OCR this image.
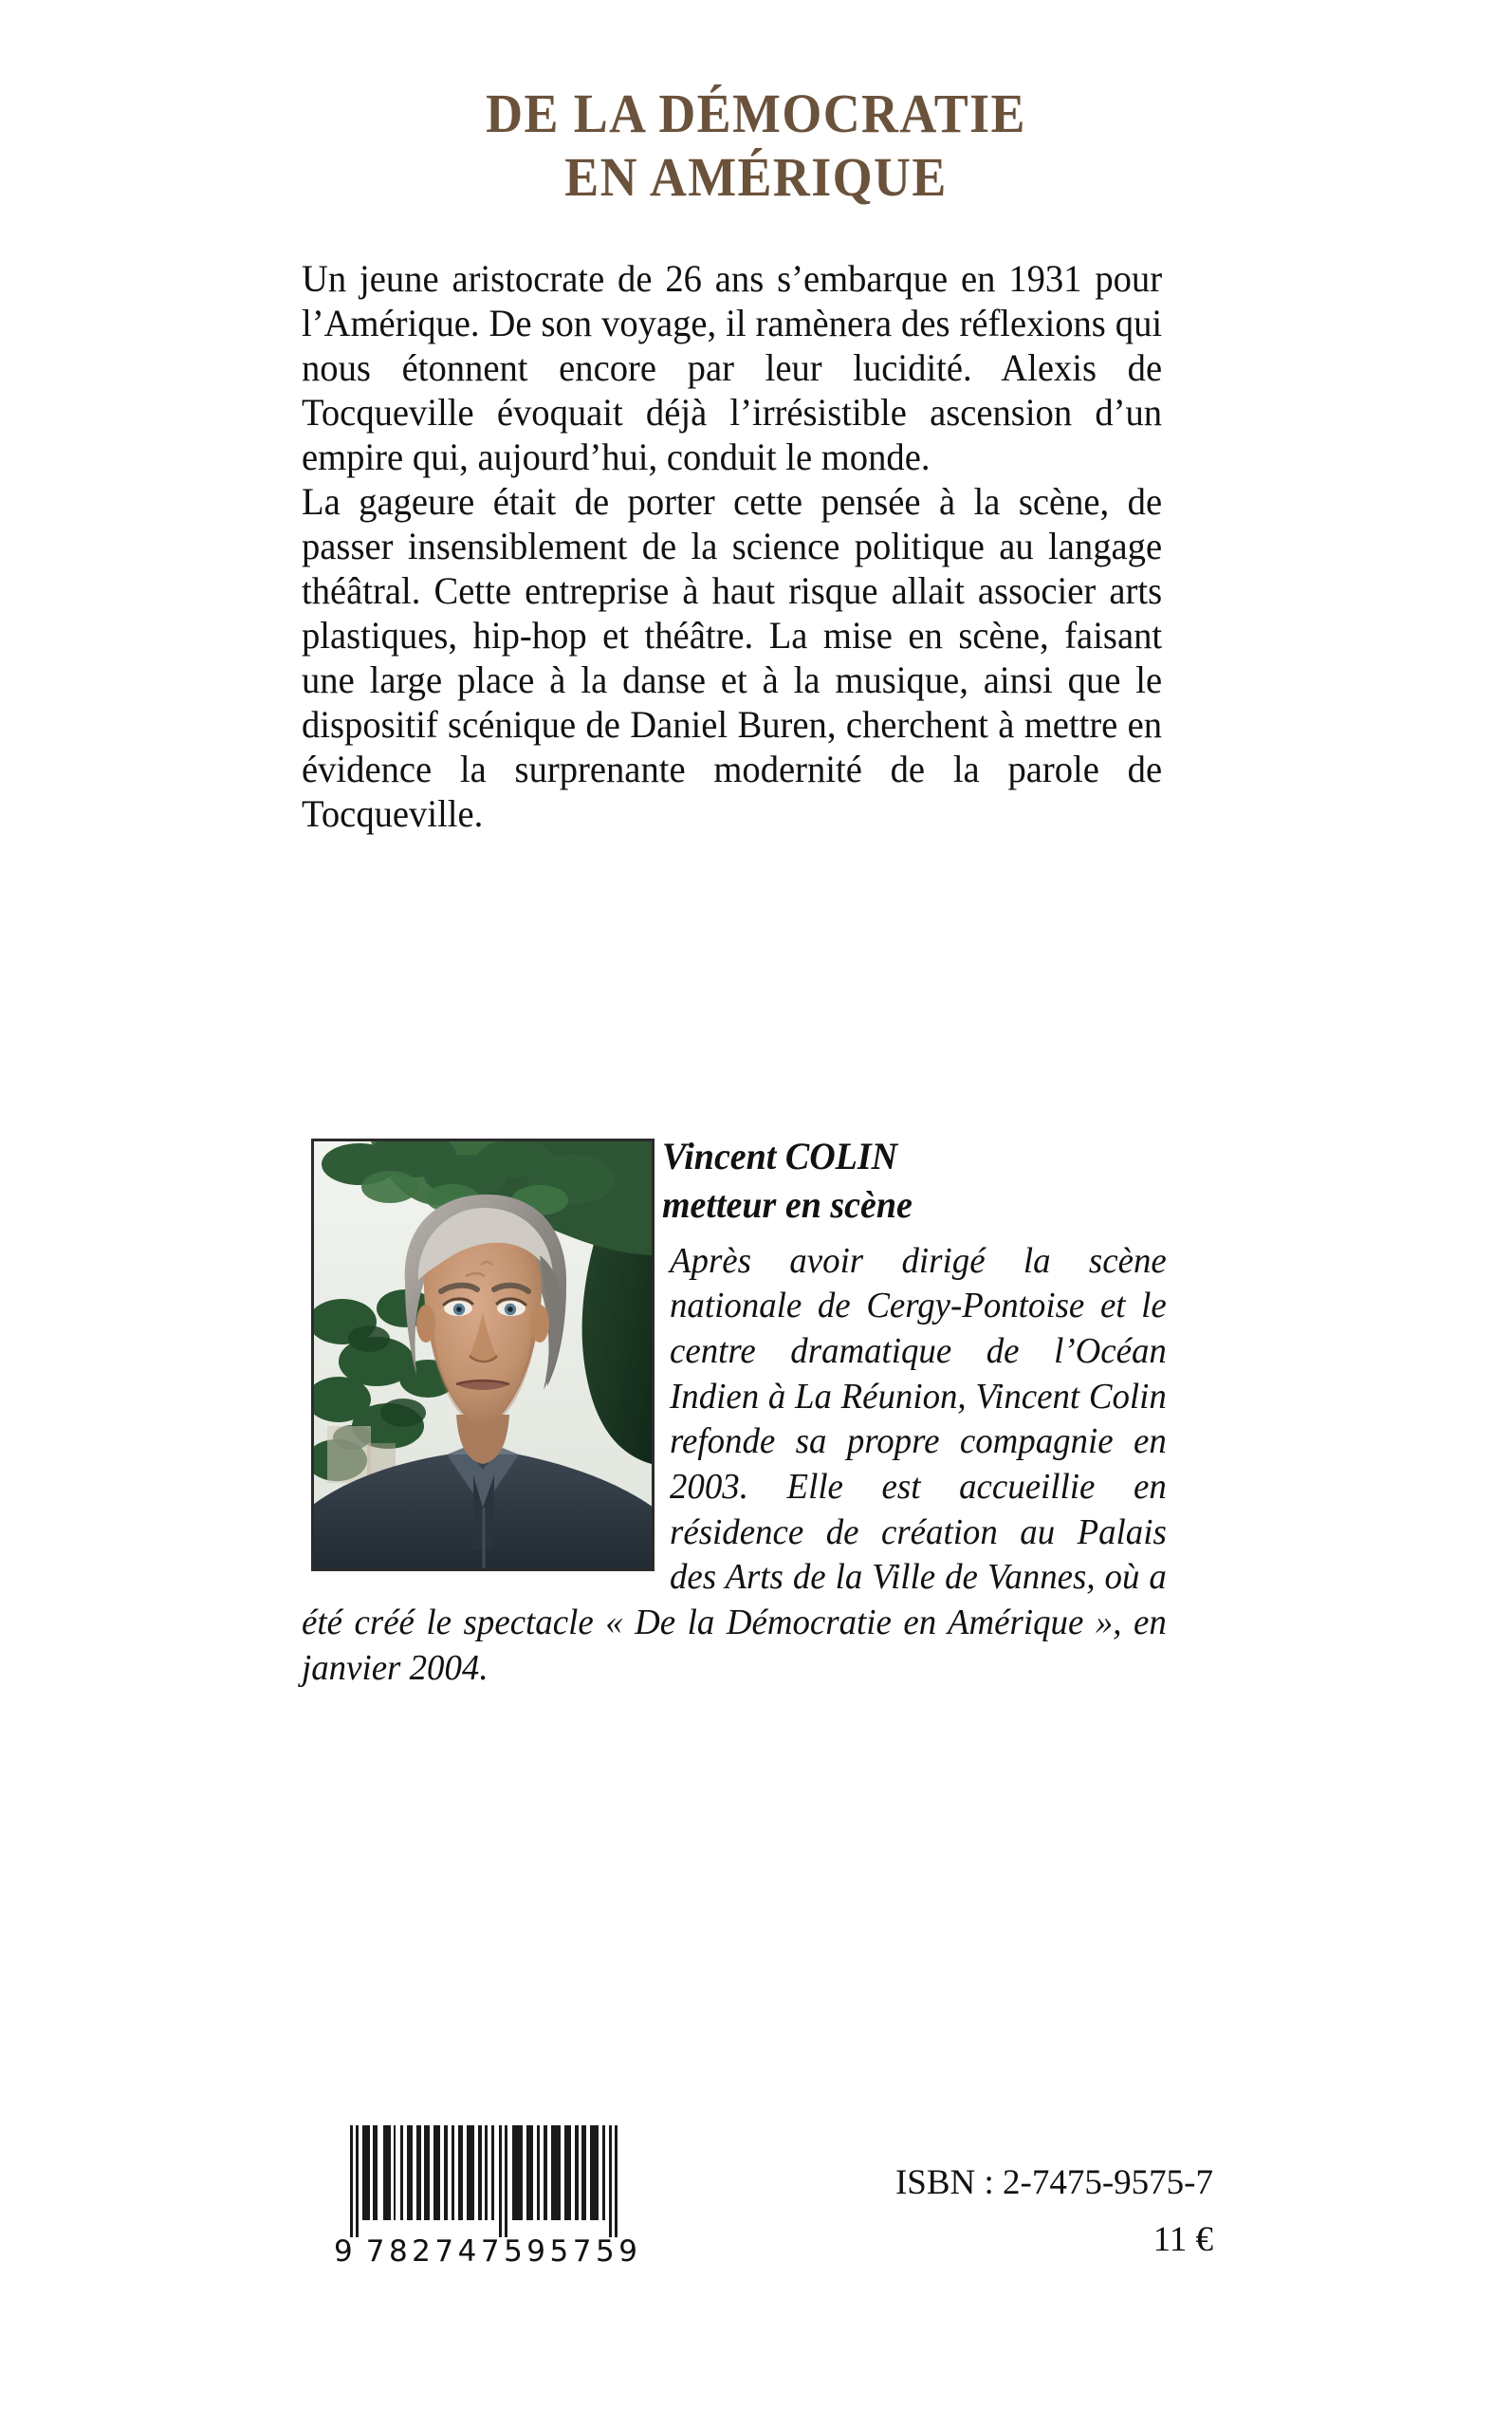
DE LA DÉMOCRATIE
EN AMÉRIQUE

Un jeune aristocrate de 26 ans s’embarque en 1931 pour l’Amérique. De son voyage, il ramènera des réflexions qui nous étonnent encore par leur lucidité. Alexis de Tocqueville évoquait déjà l’irrésistible ascension d’un empire qui, aujourd’hui, conduit le monde.

La gageure était de porter cette pensée à la scène, de passer insensiblement de la science politique au langage théâtral. Cette entreprise à haut risque allait associer arts plastiques, hip-hop et théâtre. La mise en scène, faisant une large place à la danse et à la musique, ainsi que le dispositif scénique de Daniel Buren, cherchent à mettre en évidence la surprenante modernité de la parole de Tocqueville.

Vincent COLIN
metteur en scène
Après avoir dirigé la scène nationale de Cergy-Pontoise et le centre dramatique de l’Océan Indien à La Réunion, Vincent Colin refonde sa propre compagnie en 2003. Elle est accueillie en résidence de création au Palais des Arts de la Ville de Vannes, où a été créé le spectacle « De la Démocratie en Amérique », en janvier 2004.
9 782747595759
ISBN : 2-7475-9575-7
11 €
